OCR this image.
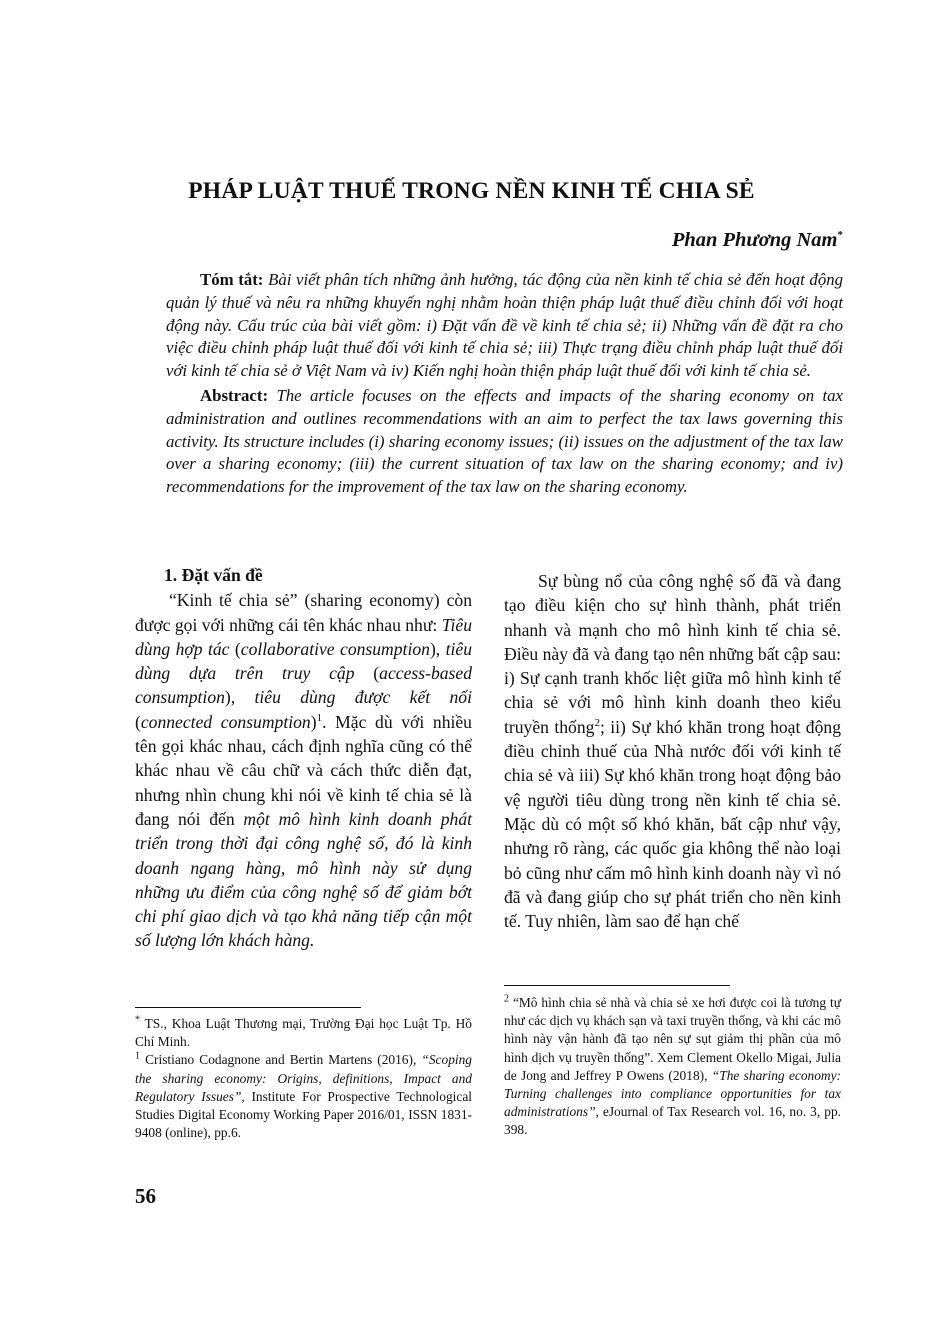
PHÁP LUẬT THUẾ TRONG NỀN KINH TẾ CHIA SẺ
Phan Phương Nam*

Tóm tắt: Bài viết phân tích những ảnh hưởng, tác động của nền kinh tế chia sẻ đến hoạt động quản lý thuế và nêu ra những khuyến nghị nhằm hoàn thiện pháp luật thuế điều chỉnh đối với hoạt động này. Cấu trúc của bài viết gồm: i) Đặt vấn đề về kinh tế chia sẻ; ii) Những vấn đề đặt ra cho việc điều chỉnh pháp luật thuế đối với kinh tế chia sẻ; iii) Thực trạng điều chỉnh pháp luật thuế đối với kinh tế chia sẻ ở Việt Nam và iv) Kiến nghị hoàn thiện pháp luật thuế đối với kinh tế chia sẻ.

Abstract: The article focuses on the effects and impacts of the sharing economy on tax administration and outlines recommendations with an aim to perfect the tax laws governing this activity. Its structure includes (i) sharing economy issues; (ii) issues on the adjustment of the tax law over a sharing economy; (iii) the current situation of tax law on the sharing economy; and iv) recommendations for the improvement of the tax law on the sharing economy.

1. Đặt vấn đề

“Kinh tế chia sẻ” (sharing economy) còn được gọi với những cái tên khác nhau như: Tiêu dùng hợp tác (collaborative consumption), tiêu dùng dựa trên truy cập (access-based consumption), tiêu dùng được kết nối (connected consumption)$^1$. Mặc dù với nhiều tên gọi khác nhau, cách định nghĩa cũng có thể khác nhau về câu chữ và cách thức diễn đạt, nhưng nhìn chung khi nói về kinh tế chia sẻ là đang nói đến một mô hình kinh doanh phát triển trong thời đại công nghệ số, đó là kinh doanh ngang hàng, mô hình này sử dụng những ưu điểm của công nghệ số để giảm bớt chi phí giao dịch và tạo khả năng tiếp cận một số lượng lớn khách hàng.

Sự bùng nổ của công nghệ số đã và đang tạo điều kiện cho sự hình thành, phát triển nhanh và mạnh cho mô hình kinh tế chia sẻ. Điều này đã và đang tạo nên những bất cập sau: i) Sự cạnh tranh khốc liệt giữa mô hình kinh tế chia sẻ với mô hình kinh doanh theo kiểu truyền thống$^2$; ii) Sự khó khăn trong hoạt động điều chỉnh thuế của Nhà nước đối với kinh tế chia sẻ và iii) Sự khó khăn trong hoạt động bảo vệ người tiêu dùng trong nền kinh tế chia sẻ. Mặc dù có một số khó khăn, bất cập như vậy, nhưng rõ ràng, các quốc gia không thể nào loại bỏ cũng như cấm mô hình kinh doanh này vì nó đã và đang giúp cho sự phát triển cho nền kinh tế. Tuy nhiên, làm sao để hạn chế

* TS., Khoa Luật Thương mại, Trường Đại học Luật Tp. Hồ Chí Minh.

$^1$ Cristiano Codagnone and Bertin Martens (2016), “Scoping the sharing economy: Origins, definitions, Impact and Regulatory Issues”, Institute For Prospective Technological Studies Digital Economy Working Paper 2016/01, ISSN 1831-9408 (online), pp.6.

$^2$ “Mô hình chia sẻ nhà và chia sẻ xe hơi được coi là tương tự như các dịch vụ khách sạn và taxi truyền thống, và khi các mô hình này vận hành đã tạo nên sự sụt giảm thị phần của mô hình dịch vụ truyền thống”. Xem Clement Okello Migai, Julia de Jong and Jeffrey P Owens (2018), “The sharing economy: Turning challenges into compliance opportunities for tax administrations”, eJournal of Tax Research vol. 16, no. 3, pp. 398.

56
